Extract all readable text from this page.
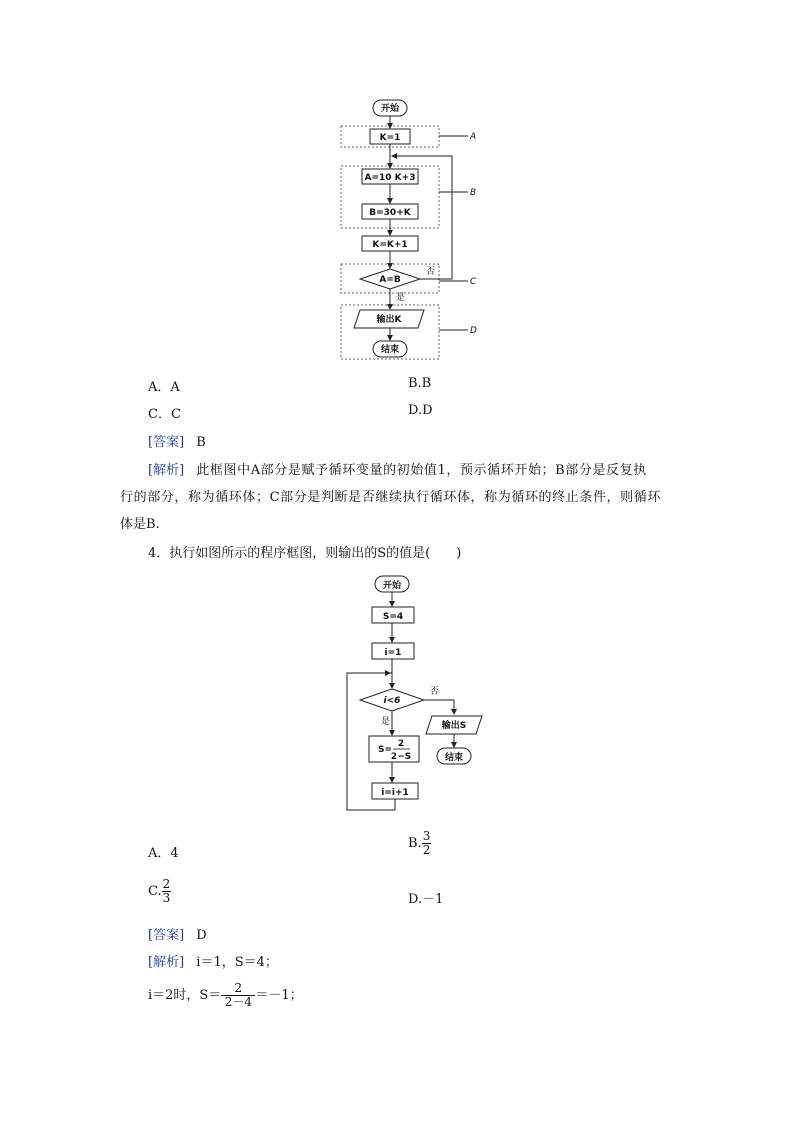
开始
K=1
A=10 K+3
B=30+K
K=K+1
A=B
输出K
结束
否
是
A
B
C
D
开始
S=4
i=1
i<6
S=
2
2−S
i=i+1
输出S
结束
否
是
A．A	B.B
C．C	D.D
[答案] B
[解析] 此框图中A部分是赋予循环变量的初始值1，预示循环开始；B部分是反复执
行的部分，称为循环体；C部分是判断是否继续执行循环体，称为循环的终止条件，则循环
体是B.
4．执行如图所示的程序框图，则输出的S的值是(　　)
A．4
B. $\frac{3}{2}$
C. $\frac{2}{3}$	D.－1
[答案] D
[解析] i＝1，S＝4；
i＝2时，$S= \frac{2}{2-4} =-1$；
